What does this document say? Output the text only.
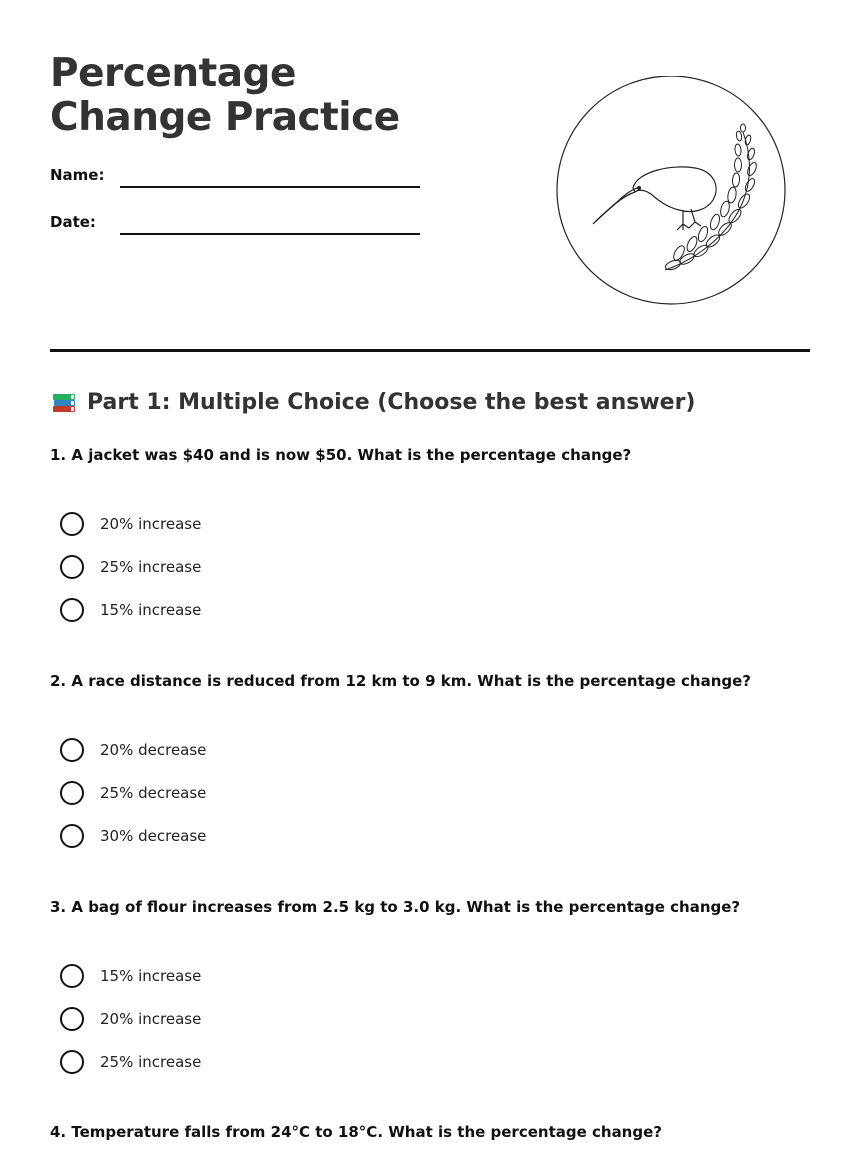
Percentage Change Practice
Name:
Date:
Part 1: Multiple Choice (Choose the best answer)

1. A jacket was $40 and is now $50. What is the percentage change?

20% increase
25% increase
15% increase

2. A race distance is reduced from 12 km to 9 km. What is the percentage change?

20% decrease
25% decrease
30% decrease

3. A bag of flour increases from 2.5 kg to 3.0 kg. What is the percentage change?

15% increase
20% increase
25% increase

4. Temperature falls from 24°C to 18°C. What is the percentage change?
